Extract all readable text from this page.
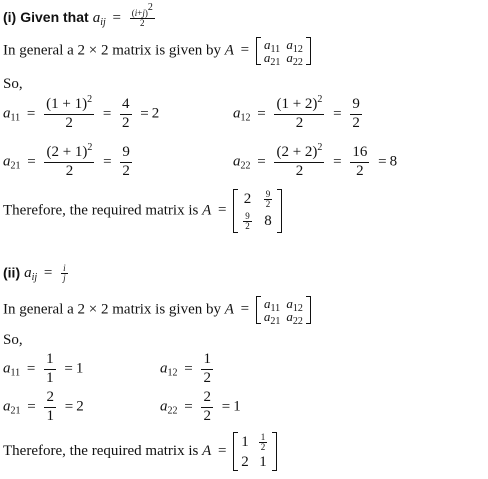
(i) Given that $a_{ij} = \frac{(i+j)^2}{2}$
In general a 2 × 2 matrix is given by $A = a_{11}$ $a_{12}$
$a_{21}$ $a_{22}$
So,
$a_{11} = \frac{(1 + 1)^2}{2} = \frac{4}{2} = 2$	$a_{12} = \frac{(1 + 2)^2}{2} = \frac{9}{2}$
$a_{21} = \frac{(2 + 1)^2}{2} = \frac{9}{2}$	$a_{22} = \frac{(2 + 2)^2}{2} = \frac{16}{2} = 8$
Therefore, the required matrix is A =
$2 \frac{9}{2}$
$\frac{9}{2} 8$
(ii) $a_{ij} = \frac{i}{j}$
In general a 2 × 2 matrix is given by $A = a_{11}$ $a_{12}$
$a_{21}$ $a_{22}$
So,
$a_{11} = \frac{1}{1} = 1$	$a_{12} = \frac{1}{2}$
$a_{21} = \frac{2}{1} = 2$	$a_{22} = \frac{2}{2} = 1$
Therefore, the required matrix is A =
$1 \frac{1}{2}$
2 1
